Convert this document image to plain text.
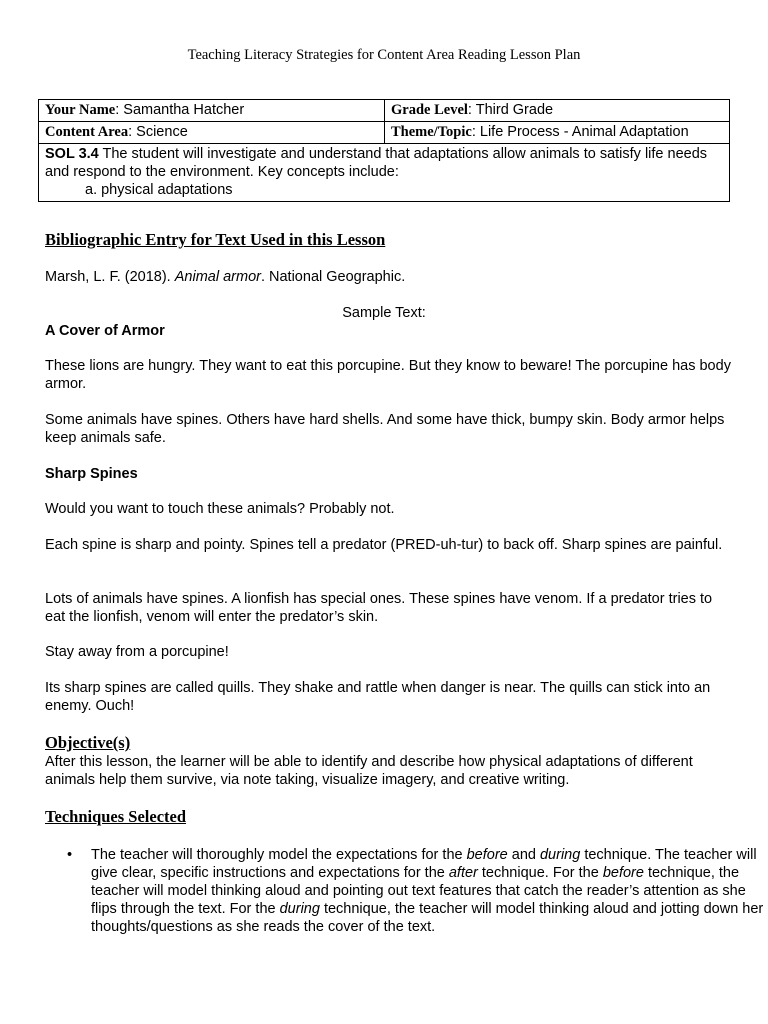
Teaching Literacy Strategies for Content Area Reading Lesson Plan
Your Name: Samantha Hatcher	Grade Level: Third Grade
Content Area: Science	Theme/Topic: Life Process - Animal Adaptation
SOL 3.4 The student will investigate and understand that adaptations allow animals to satisfy life needs and respond to the environment. Key concepts include:
a. physical adaptations	
Bibliographic Entry for Text Used in this Lesson
Marsh, L. F. (2018). Animal armor. National Geographic.
Sample Text:
A Cover of Armor
These lions are hungry. They want to eat this porcupine. But they know to beware! The porcupine has body armor.
Some animals have spines. Others have hard shells. And some have thick, bumpy skin. Body armor helps keep animals safe.
Sharp Spines
Would you want to touch these animals? Probably not.
Each spine is sharp and pointy. Spines tell a predator (PRED-uh-tur) to back off. Sharp spines are painful.
Lots of animals have spines. A lionfish has special ones. These spines have venom. If a predator tries to eat the lionfish, venom will enter the predator’s skin.
Stay away from a porcupine!
Its sharp spines are called quills. They shake and rattle when danger is near. The quills can stick into an enemy. Ouch!
Objective(s)
After this lesson, the learner will be able to identify and describe how physical adaptations of different animals help them survive, via note taking, visualize imagery, and creative writing.
Techniques Selected
• The teacher will thoroughly model the expectations for the before and during technique. The teacher will give clear, specific instructions and expectations for the after technique. For the before technique, the teacher will model thinking aloud and pointing out text features that catch the reader’s attention as she flips through the text. For the during technique, the teacher will model thinking aloud and jotting down her thoughts/questions as she reads the cover of the text.
